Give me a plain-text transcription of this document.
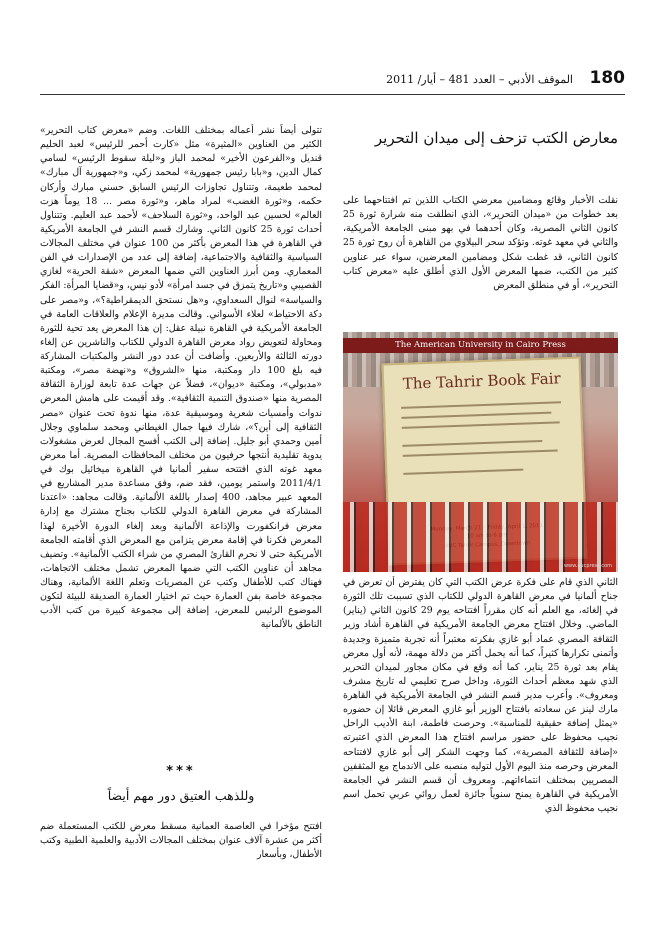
180
الموقف الأدبي – العدد 481 – أيار/ 2011
معارض الكتب تزحف إلى ميدان التحرير

نقلت الأخبار وقائع ومضامين معرضي الكتاب اللذين تم افتتاحهما على بعد خطوات من «ميدان التحرير»، الذي انطلقت منه شرارة ثورة 25 كانون الثاني المصرية، وكان أحدهما في بهو مبنى الجامعة الأمريكية، والثاني في معهد غوته. وتؤكد سحر البيلاوي من القاهرة أن روح ثورة 25 كانون الثاني، قد غطت شكل ومضامين المعرضين، سواء عبر عناوين كثير من الكتب، ضمها المعرض الأول الذي أطلق عليه «معرض كتاب التحرير»، أو في منطلق المعرض

The American University in Cairo Press
The Tahrir Book Fair
www.aucpress.com

الثاني الذي قام على فكرة عرض الكتب التي كان يفترض أن تعرض في جناح ألمانيا في معرض القاهرة الدولي للكتاب الذي تسببت تلك الثورة في إلغائه، مع العلم أنه كان مقرراً افتتاحه يوم 29 كانون الثاني (يناير) الماضي. وخلال افتتاح معرض الجامعة الأمريكية في القاهرة أشاد وزير الثقافة المصري عماد أبو غازي بفكرته معتبراً أنه تجربة متميزة وجديدة وأتمنى تكرارها كثيراً، كما أنه يحمل أكثر من دلالة مهمة، لأنه أول معرض يقام بعد ثورة 25 يناير، كما أنه وقع في مكان مجاور لميدان التحرير الذي شهد معظم أحداث الثورة، وداخل صرح تعليمي له تاريخ مشرف ومعروف». وأعرب مدير قسم النشر في الجامعة الأمريكية في القاهرة مارك لينز عن سعادته بافتتاح الوزير أبو غازي المعرض قائلا إن حضوره «يمثل إضافة حقيقية للمناسبة». وحرصت فاطمة، ابنة الأديب الراحل نجيب محفوظ على حضور مراسم افتتاح هذا المعرض الذي اعتبرته «إضافة للثقافة المصرية»، كما وجهت الشكر إلى أبو غازي لافتتاحه المعرض وحرصه منذ اليوم الأول لتوليه منصبه على الاندماج مع المثقفين المصريين بمختلف انتماءاتهم. ومعروف أن قسم النشر في الجامعة الأمريكية في القاهرة يمنح سنوياً جائزة لعمل روائي عربي تحمل اسم نجيب محفوظ الذي

تتولى أيضاً نشر أعماله بمختلف اللغات. وضم «معرض كتاب التحرير» الكثير من العناوين «المثيرة» مثل «كارت أحمر للرئيس» لعبد الحليم قنديل و«الفرعون الأخير» لمحمد الباز و«ليلة سقوط الرئيس» لسامي كمال الدين، و«بابا رئيس جمهورية» لمحمد زكي، و«جمهورية آل مبارك» لمحمد طعيمة، وتتناول تجاوزات الرئيس السابق حسني مبارك وأركان حكمه، و«ثورة الغضب» لمراد ماهر، و«ثورة مصر ... 18 يوماً هزت العالم» لحسين عبد الواحد، و«ثورة السلاحف» لأحمد عبد العليم. وتتناول أحداث ثورة 25 كانون الثاني. وشارك قسم النشر في الجامعة الأمريكية في القاهرة في هذا المعرض بأكثر من 100 عنوان في مختلف المجالات السياسية والثقافية والاجتماعية، إضافة إلى عدد من الإصدارات في الفن المعماري. ومن أبرز العناوين التي ضمها المعرض «شقة الحرية» لغازي القصيبي و«تاريخ يتمزق في جسد امرأة» لأدو نيس، و«قضايا المرأة: الفكر والسياسة» لنوال السعداوي، و«هل نستحق الديمقراطية؟»، و«مصر على دكة الاحتياط» لعلاء الأسواني. وقالت مديرة الإعلام والعلاقات العامة في الجامعة الأمريكية في القاهرة نبيلة عقل: إن هذا المعرض يعد تحية للثورة ومحاولة لتعويض رواد معرض القاهرة الدولي للكتاب والناشرين عن إلغاء دورته الثالثة والأربعين. وأضافت أن عدد دور النشر والمكتبات المشاركة فيه بلغ 100 دار ومكتبة، منها «الشروق» و«نهضة مصر»، ومكتبة «مدبولي»، ومكتبة «ديوان»، فضلاً عن جهات عدة تابعة لوزارة الثقافة المصرية منها «صندوق التنمية الثقافية». وقد أقيمت على هامش المعرض ندوات وأمسيات شعرية وموسيقية عدة، منها ندوة تحت عنوان «مصر الثقافية إلى أين؟»، شارك فيها جمال الغيطاني ومحمد سلماوي وجلال أمين وحمدي أبو جليل. إضافة إلى الكتب أفسح المجال لعرض مشغولات يدوية تقليدية أنتجها حرفيون من مختلف المحافظات المصرية. أما معرض معهد غوته الذي افتتحه سفير ألمانيا في القاهرة ميخائيل بوك في 2011/4/1 واستمر يومين، فقد ضم، وفق مساعدة مدير المشاريع في المعهد عبير مجاهد، 400 إصدار باللغة الألمانية. وقالت مجاهد: «اعتدنا المشاركة في معرض القاهرة الدولي للكتاب بجناح مشترك مع إدارة معرض فرانكفورت والإذاعة الألمانية وبعد إلغاء الدورة الأخيرة لهذا المعرض فكرنا في إقامة معرض يتزامن مع المعرض الذي أقامته الجامعة الأمريكية حتى لا نحرم القارئ المصري من شراء الكتب الألمانية». وتضيف مجاهد أن عناوين الكتب التي ضمها المعرض تشمل مختلف الاتجاهات، فهناك كتب للأطفال وكتب عن المصريات وتعلم اللغة الألمانية، وهناك مجموعة خاصة بفن العمارة حيث تم اختيار العمارة الصديقة للبيئة لتكون الموضوع الرئيس للمعرض، إضافة إلى مجموعة كبيرة من كتب الأدب الناطق بالألمانية

***
وللذهب العتيق دور مهم أيضاً

افتتح مؤخرا في العاصمة العمانية مسقط معرض للكتب المستعملة ضم أكثر من عشرة آلاف عنوان بمختلف المجالات الأدبية والعلمية الطبية وكتب الأطفال، وبأسعار
